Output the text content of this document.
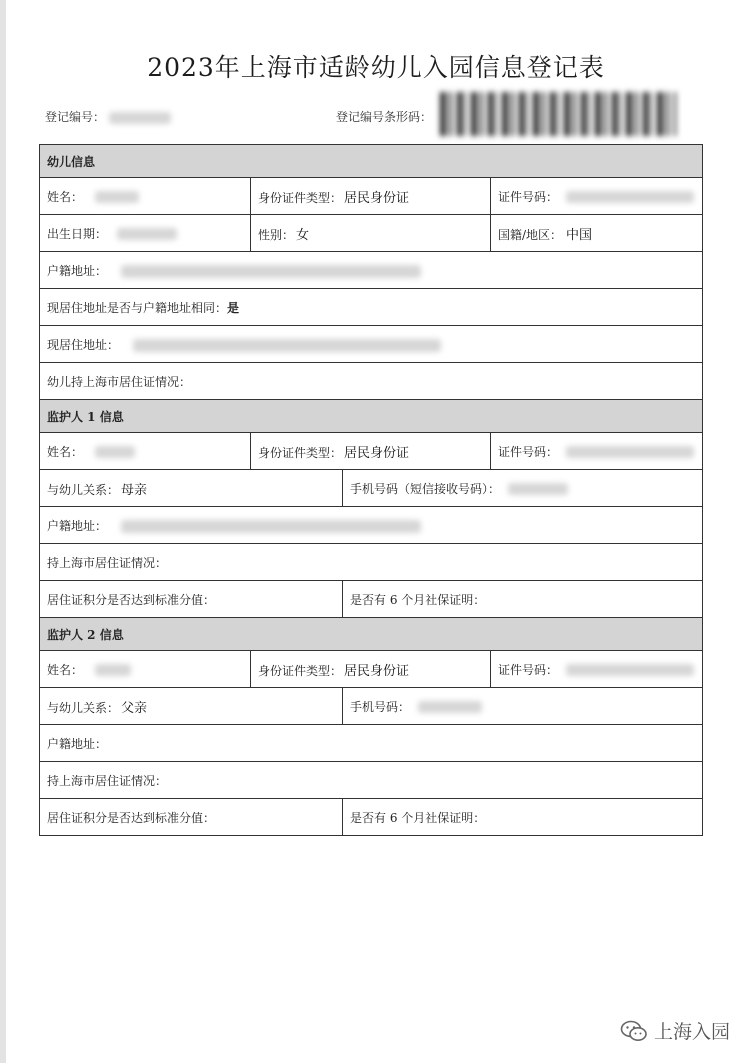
2023年上海市适龄幼儿入园信息登记表
登记编号：	登记编号条形码：
幼儿信息			
姓名：	身份证件类型： 居民身份证		证件号码：
出生日期：	性别： 女		国籍/地区： 中国
户籍地址：			
现居住地址是否与户籍地址相同：是			
现居住地址：			
幼儿持上海市居住证情况：			
监护人 1 信息			
姓名：	身份证件类型： 居民身份证		证件号码：
与幼儿关系： 母亲		手机号码（短信接收号码）：	
户籍地址：			
持上海市居住证情况：			
居住证积分是否达到标准分值：		是否有 6 个月社保证明：	
监护人 2 信息			
姓名：	身份证件类型： 居民身份证		证件号码：
与幼儿关系： 父亲		手机号码：	
户籍地址：			
持上海市居住证情况：			
居住证积分是否达到标准分值：		是否有 6 个月社保证明：	
上海入园
